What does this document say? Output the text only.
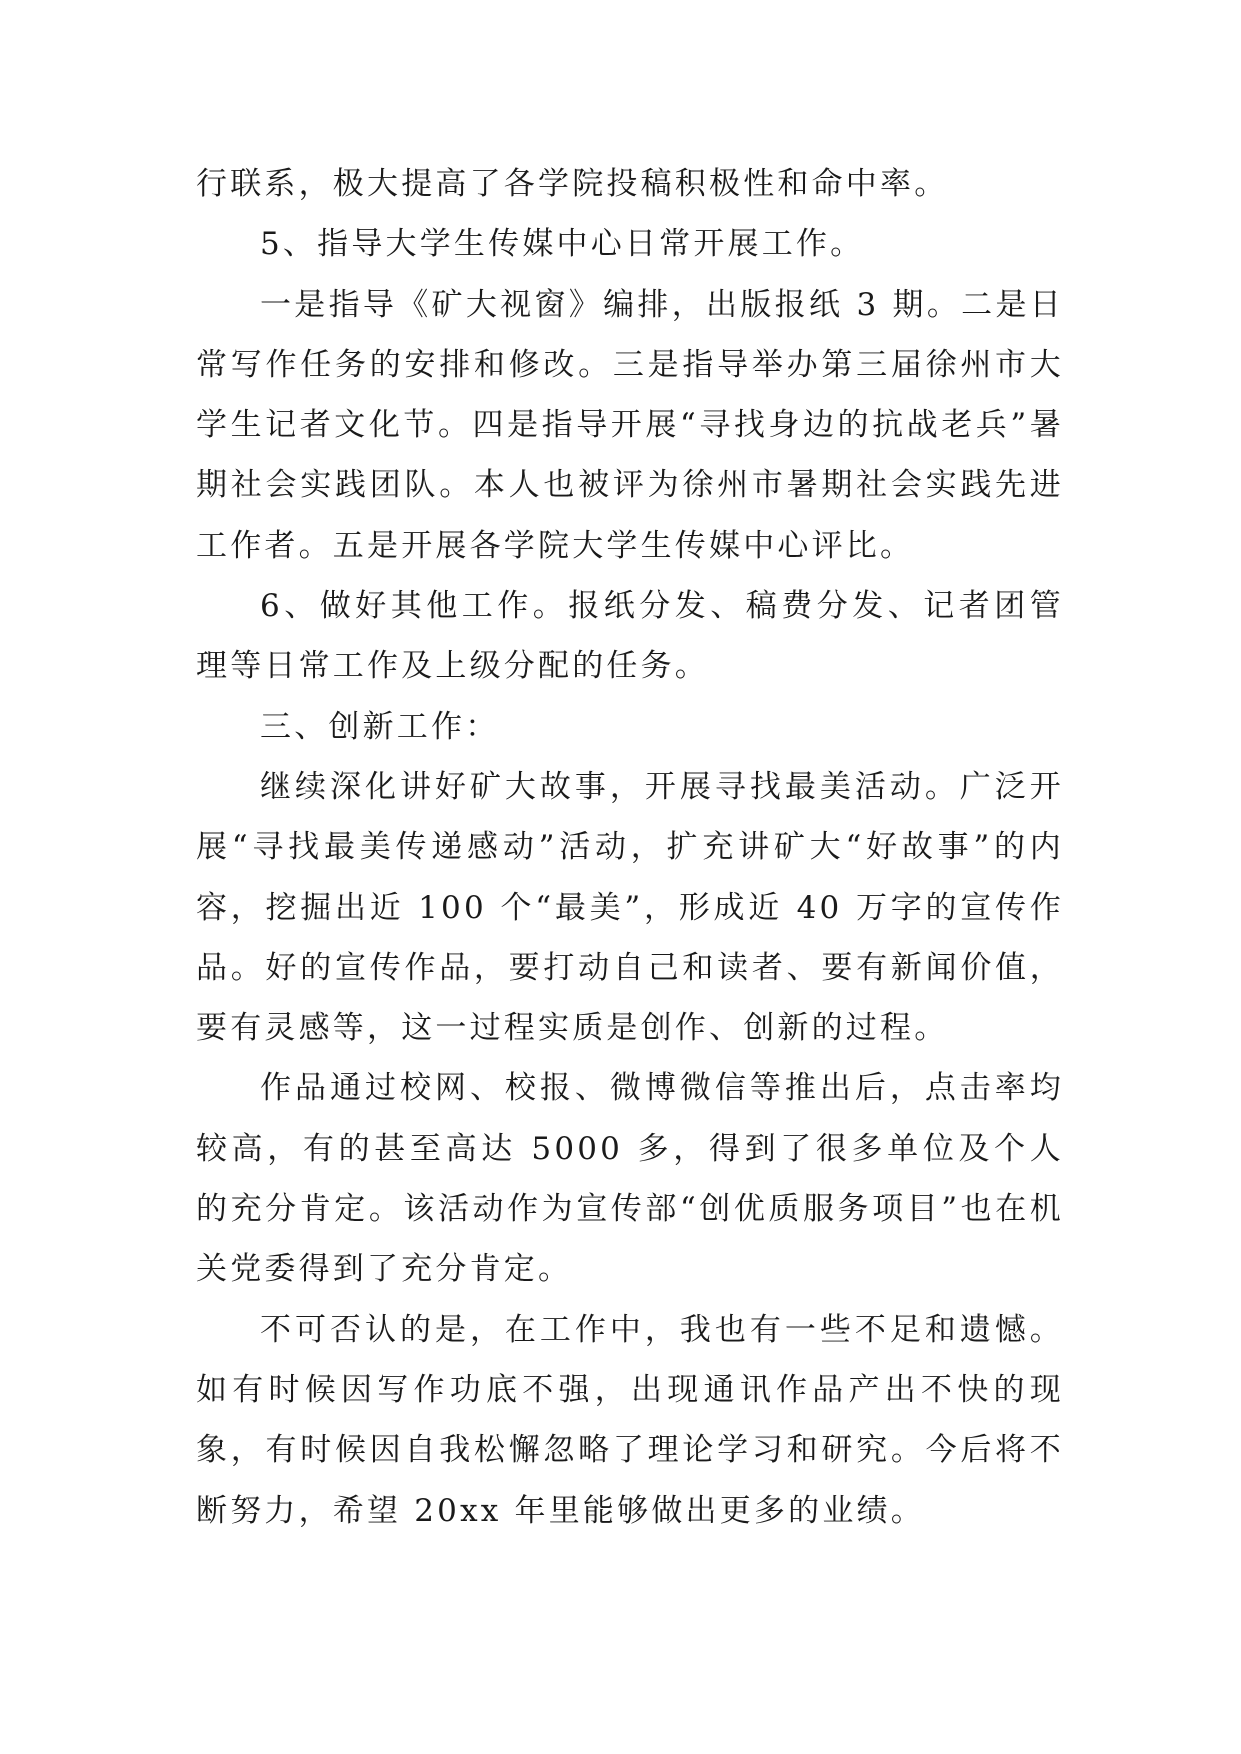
行联系，极大提高了各学院投稿积极性和命中率。

5、指导大学生传媒中心日常开展工作。

一是指导《矿大视窗》编排，出版报纸 3 期。二是日常写作任务的安排和修改。三是指导举办第三届徐州市大学生记者文化节。四是指导开展“寻找身边的抗战老兵”暑期社会实践团队。本人也被评为徐州市暑期社会实践先进工作者。五是开展各学院大学生传媒中心评比。

6、做好其他工作。报纸分发、稿费分发、记者团管理等日常工作及上级分配的任务。

三、创新工作：

继续深化讲好矿大故事，开展寻找最美活动。广泛开展“寻找最美传递感动”活动，扩充讲矿大“好故事”的内容，挖掘出近 100 个“最美”，形成近 40 万字的宣传作品。好的宣传作品，要打动自己和读者、要有新闻价值，要有灵感等，这一过程实质是创作、创新的过程。

作品通过校网、校报、微博微信等推出后，点击率均较高，有的甚至高达 5000 多，得到了很多单位及个人的充分肯定。该活动作为宣传部“创优质服务项目”也在机关党委得到了充分肯定。

不可否认的是，在工作中，我也有一些不足和遗憾。如有时候因写作功底不强，出现通讯作品产出不快的现象，有时候因自我松懈忽略了理论学习和研究。今后将不断努力，希望 20xx 年里能够做出更多的业绩。
